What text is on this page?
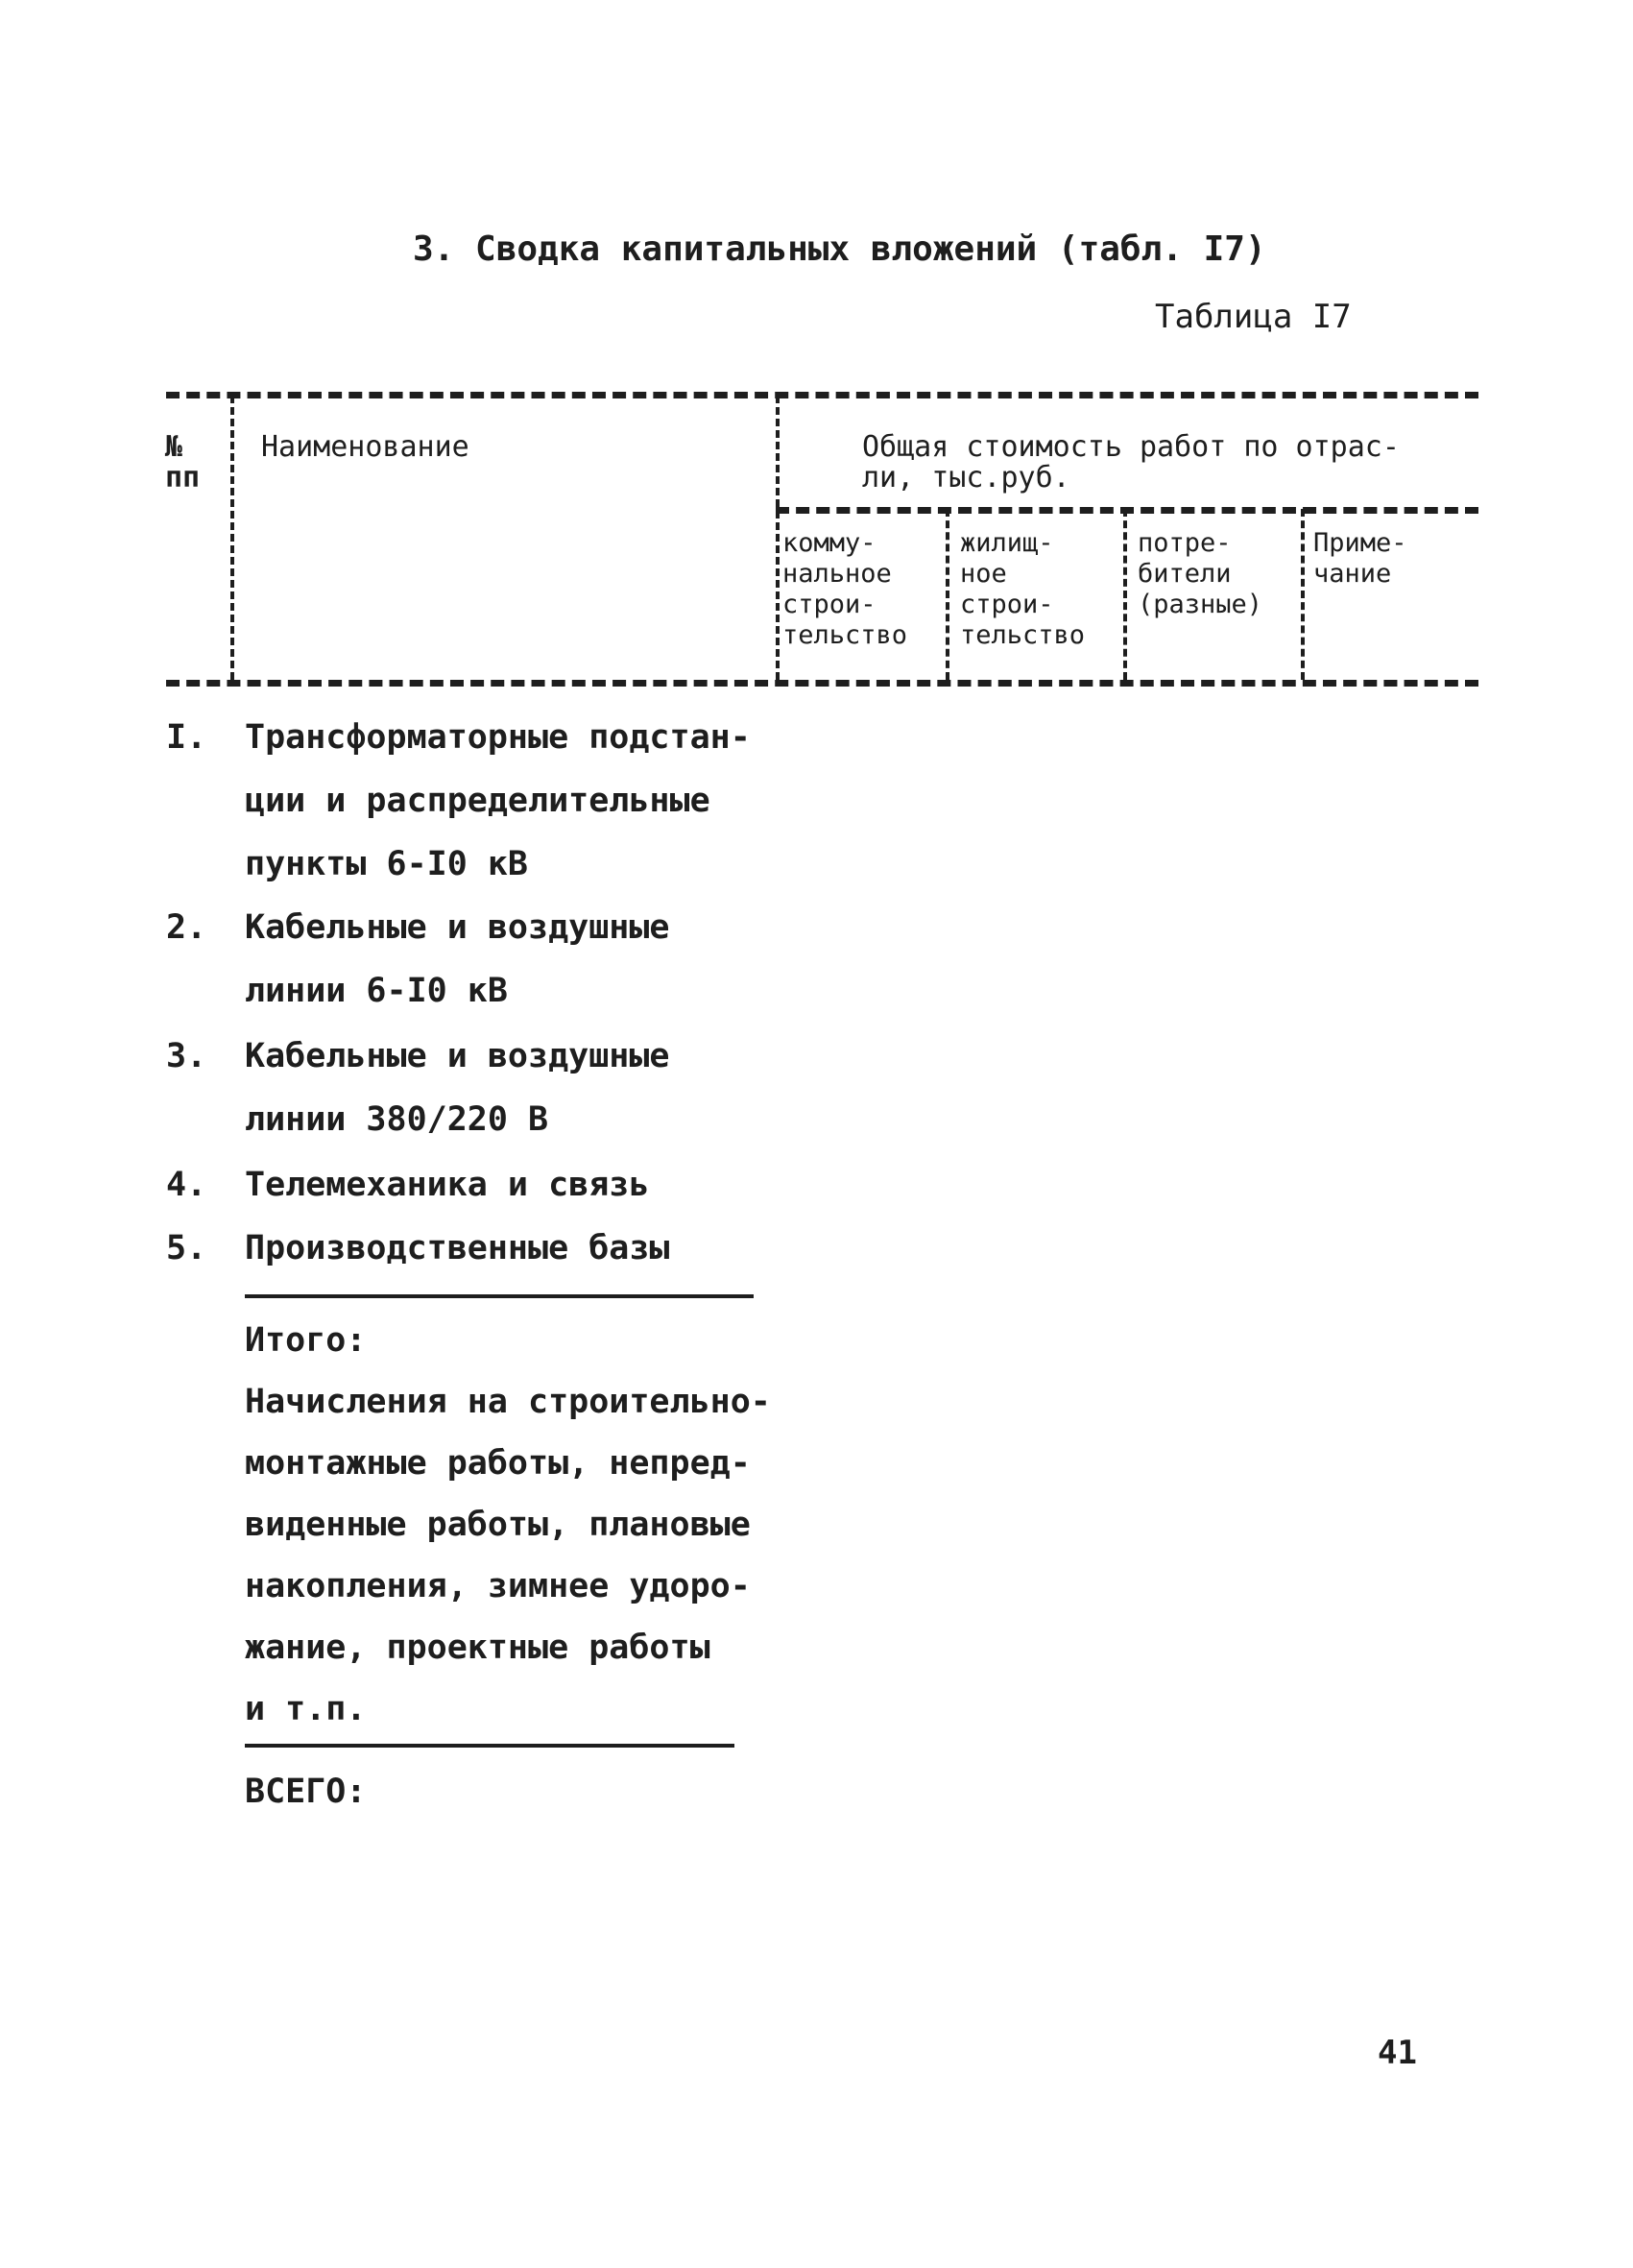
3. Сводка капитальных вложений (табл. I7)
Таблица I7
№
пп
Наименование	Общая стоимость работ по отрас-
ли, тыс.руб.
комму-
нальное
строи-
тельство
жилищ-
ное
строи-
тельство
потре-
бители
(разные)
Приме-
чание
I. Трансформаторные подстан-
ции и распределительные
пункты 6-I0 кВ
2. Кабельные и воздушные
линии 6-I0 кВ
3. Кабельные и воздушные
линии 380/220 В
4. Телемеханика и связь
5. Производственные базы
Итого:
Начисления на строительно-
монтажные работы, непред-
виденные работы, плановые
накопления, зимнее удоро-
жание, проектные работы
и т.п.
ВСЕГО:
41
